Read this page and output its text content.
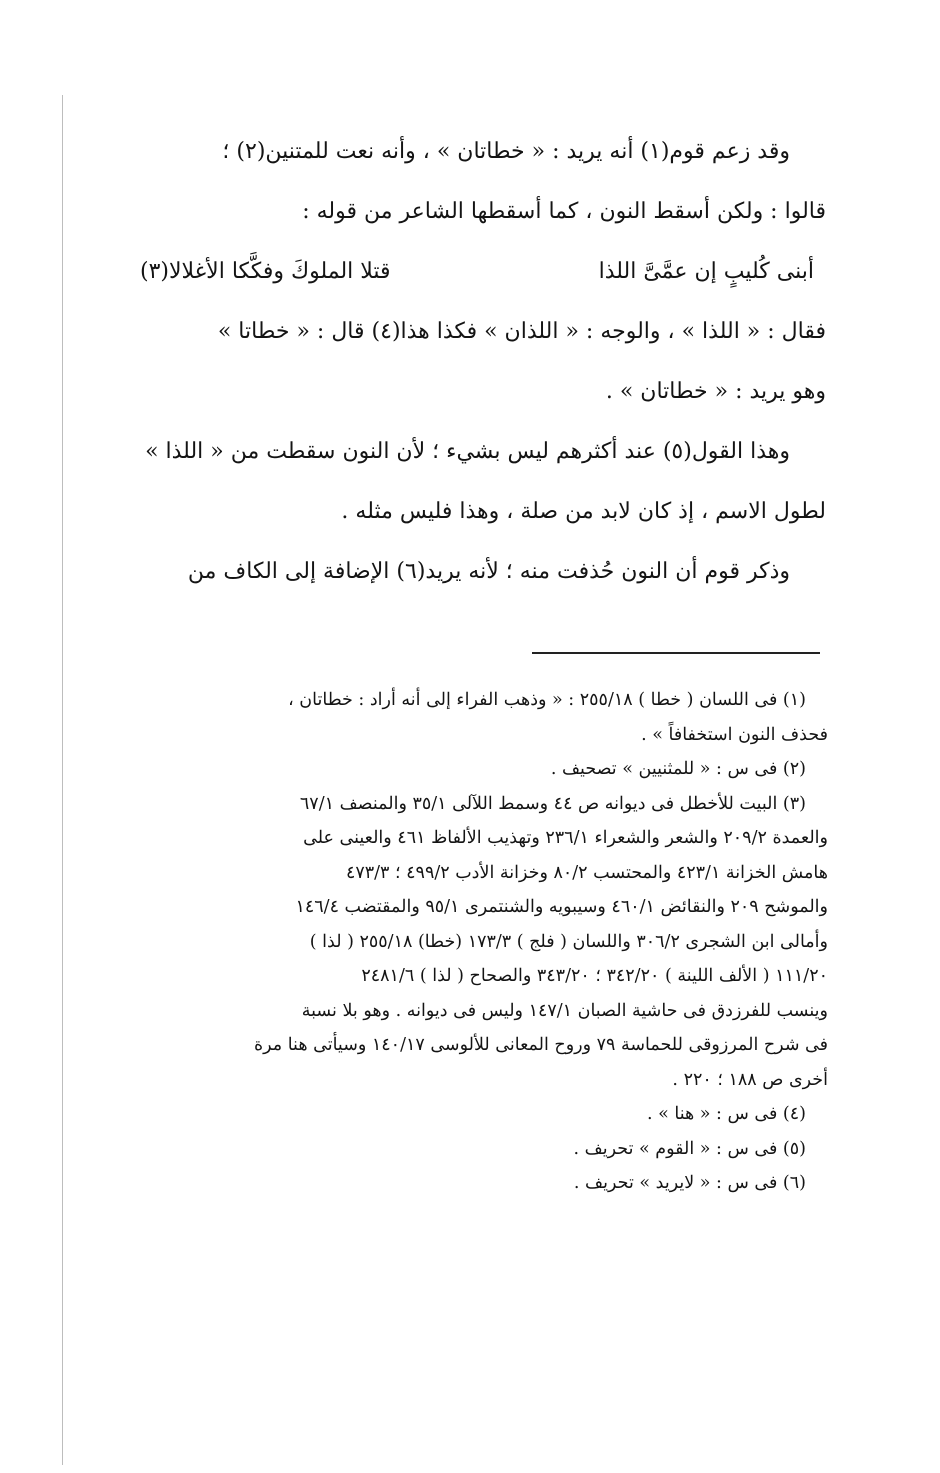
وقد زعم قوم(١) أنه يريد : « خطاتان » ، وأنه نعت للمتنين(٢) ؛
قالوا : ولكن أسقط النون ، كما أسقطها الشاعر من قوله :
أبنى كُليبٍ إن عمَّىَّ اللذا
قتلا الملوكَ وفكَّكا الأغلالا(٣)
فقال : « اللذا » ، والوجه : « اللذان » فكذا هذا(٤) قال : « خطاتا »
وهو يريد : « خطاتان » .
وهذا القول(٥) عند أكثرهم ليس بشيء ؛ لأن النون سقطت من « اللذا »
لطول الاسم ، إذ كان لابد من صلة ، وهذا فليس مثله .
وذكر قوم أن النون حُذفت منه ؛ لأنه يريد(٦) الإضافة إلى الكاف من
(١) فى اللسان ( خطا ) ٢٥٥/١٨ : « وذهب الفراء إلى أنه أراد : خطاتان ،
فحذف النون استخفافاً » .
(٢) فى س : « للمثنيين » تصحيف .
(٣) البيت للأخطل فى ديوانه ص ٤٤ وسمط اللآلى ٣٥/١ والمنصف ٦٧/١
والعمدة ٢٠٩/٢ والشعر والشعراء ٢٣٦/١ وتهذيب الألفاظ ٤٦١ والعينى على
هامش الخزانة ٤٢٣/١ والمحتسب ٨٠/٢ وخزانة الأدب ٤٩٩/٢ ؛ ٤٧٣/٣
والموشح ٢٠٩ والنقائض ٤٦٠/١ وسيبويه والشنتمرى ٩٥/١ والمقتضب ١٤٦/٤
وأمالى ابن الشجرى ٣٠٦/٢ واللسان ( فلج ) ١٧٣/٣ (خطا) ٢٥٥/١٨ ( لذا )
١١١/٢٠ ( الألف اللينة ) ٣٤٢/٢٠ ؛ ٣٤٣/٢٠ والصحاح ( لذا ) ٢٤٨١/٦
وينسب للفرزدق فى حاشية الصبان ١٤٧/١ وليس فى ديوانه . وهو بلا نسبة
فى شرح المرزوقى للحماسة ٧٩ وروح المعانى للألوسى ١٤٠/١٧ وسيأتى هنا مرة
أخرى ص ١٨٨ ؛ ٢٢٠ .
(٤) فى س : « هنا » .
(٥) فى س : « القوم » تحريف .
(٦) فى س : « لايريد » تحريف .
